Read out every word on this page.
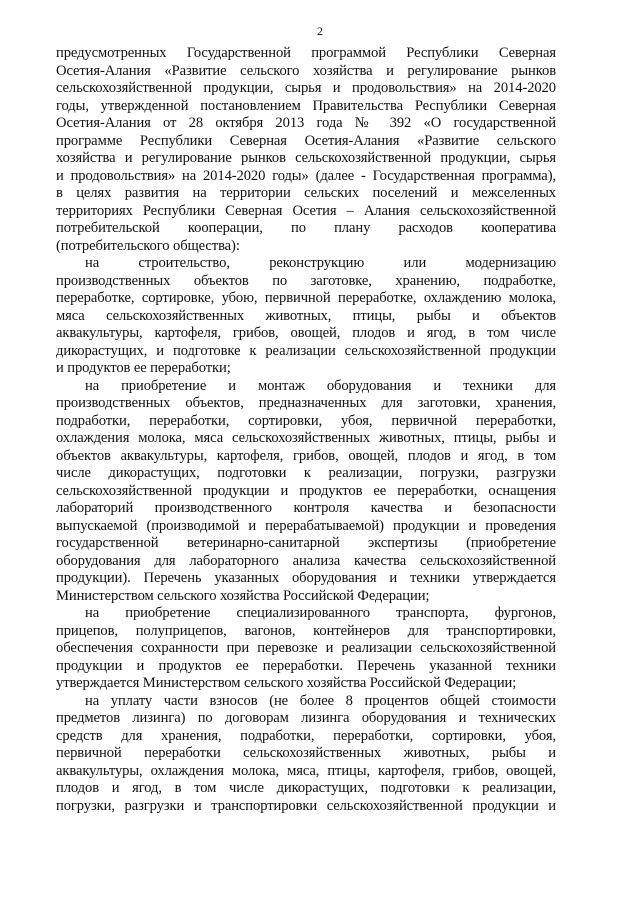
2
предусмотренных Государственной программой Республики Северная
Осетия-Алания «Развитие сельского хозяйства и регулирование рынков
сельскохозяйственной продукции, сырья и продовольствия» на 2014-2020
годы, утвержденной постановлением Правительства Республики Северная
Осетия-Алания от 28 октября 2013 года № 392 «О государственной
программе Республики Северная Осетия-Алания «Развитие сельского
хозяйства и регулирование рынков сельскохозяйственной продукции, сырья
и продовольствия» на 2014-2020 годы» (далее - Государственная программа),
в целях развития на территории сельских поселений и межселенных
территориях Республики Северная Осетия – Алания сельскохозяйственной
потребительской кооперации, по плану расходов кооператива
(потребительского общества):
на строительство, реконструкцию или модернизацию
производственных объектов по заготовке, хранению, подработке,
переработке, сортировке, убою, первичной переработке, охлаждению молока,
мяса сельскохозяйственных животных, птицы, рыбы и объектов
аквакультуры, картофеля, грибов, овощей, плодов и ягод, в том числе
дикорастущих, и подготовке к реализации сельскохозяйственной продукции
и продуктов ее переработки;
на приобретение и монтаж оборудования и техники для
производственных объектов, предназначенных для заготовки, хранения,
подработки, переработки, сортировки, убоя, первичной переработки,
охлаждения молока, мяса сельскохозяйственных животных, птицы, рыбы и
объектов аквакультуры, картофеля, грибов, овощей, плодов и ягод, в том
числе дикорастущих, подготовки к реализации, погрузки, разгрузки
сельскохозяйственной продукции и продуктов ее переработки, оснащения
лабораторий производственного контроля качества и безопасности
выпускаемой (производимой и перерабатываемой) продукции и проведения
государственной ветеринарно-санитарной экспертизы (приобретение
оборудования для лабораторного анализа качества сельскохозяйственной
продукции). Перечень указанных оборудования и техники утверждается
Министерством сельского хозяйства Российской Федерации;
на приобретение специализированного транспорта, фургонов,
прицепов, полуприцепов, вагонов, контейнеров для транспортировки,
обеспечения сохранности при перевозке и реализации сельскохозяйственной
продукции и продуктов ее переработки. Перечень указанной техники
утверждается Министерством сельского хозяйства Российской Федерации;
на уплату части взносов (не более 8 процентов общей стоимости
предметов лизинга) по договорам лизинга оборудования и технических
средств для хранения, подработки, переработки, сортировки, убоя,
первичной переработки сельскохозяйственных животных, рыбы и
аквакультуры, охлаждения молока, мяса, птицы, картофеля, грибов, овощей,
плодов и ягод, в том числе дикорастущих, подготовки к реализации,
погрузки, разгрузки и транспортировки сельскохозяйственной продукции и
